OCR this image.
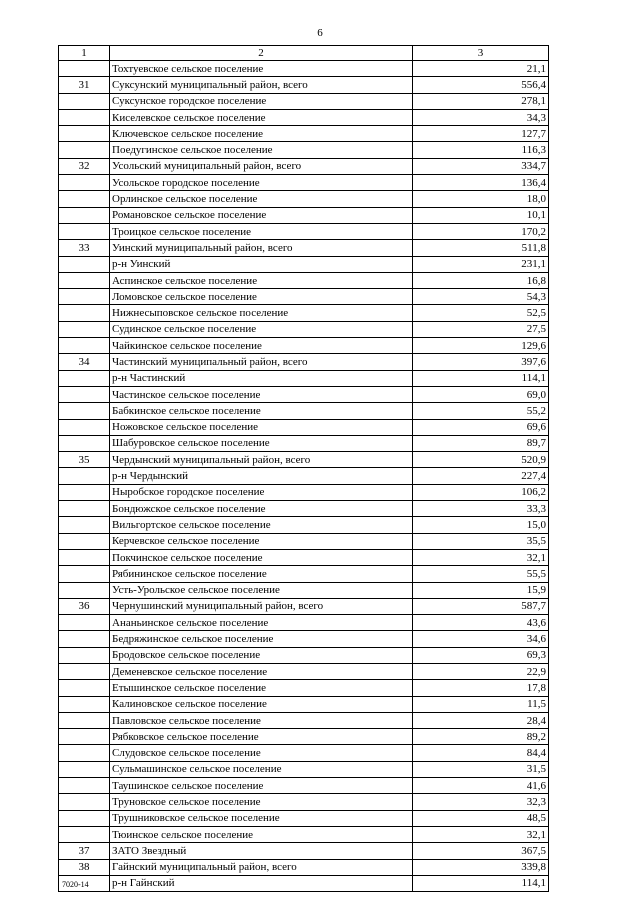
6
1	2	3
	Тохтуевское сельское поселение	21,1
31	Суксунский муниципальный район, всего	556,4
	Суксунское городское поселение	278,1
	Киселевское сельское поселение	34,3
	Ключевское сельское поселение	127,7
	Поедугинское сельское поселение	116,3
32	Усольский муниципальный район, всего	334,7
	Усольское городское поселение	136,4
	Орлинское сельское поселение	18,0
	Романовское сельское поселение	10,1
	Троицкое сельское поселение	170,2
33	Уинский муниципальный район, всего	511,8
	р-н Уинский	231,1
	Аспинское сельское поселение	16,8
	Ломовское сельское поселение	54,3
	Нижнесыповское сельское поселение	52,5
	Судинское сельское поселение	27,5
	Чайкинское сельское поселение	129,6
34	Частинский муниципальный район, всего	397,6
	р-н Частинский	114,1
	Частинское сельское поселение	69,0
	Бабкинское сельское поселение	55,2
	Ножовское сельское поселение	69,6
	Шабуровское сельское поселение	89,7
35	Чердынский муниципальный район, всего	520,9
	р-н Чердынский	227,4
	Ныробское городское поселение	106,2
	Бондюжское сельское поселение	33,3
	Вильгортское сельское поселение	15,0
	Керчевское сельское поселение	35,5
	Покчинское сельское поселение	32,1
	Рябининское сельское поселение	55,5
	Усть-Урольское сельское поселение	15,9
36	Чернушинский муниципальный район, всего	587,7
	Ананьинское сельское поселение	43,6
	Бедряжинское сельское поселение	34,6
	Бродовское сельское поселение	69,3
	Деменевское сельское поселение	22,9
	Етышинское сельское поселение	17,8
	Калиновское сельское поселение	11,5
	Павловское сельское поселение	28,4
	Рябковское сельское поселение	89,2
	Слудовское сельское поселение	84,4
	Сульмашинское сельское поселение	31,5
	Таушинское сельское поселение	41,6
	Труновское сельское поселение	32,3
	Трушниковское сельское поселение	48,5
	Тюинское сельское поселение	32,1
37	ЗАТО Звездный	367,5
38	Гайнский муниципальный район, всего	339,8
	р-н Гайнский	114,1
7020-14
